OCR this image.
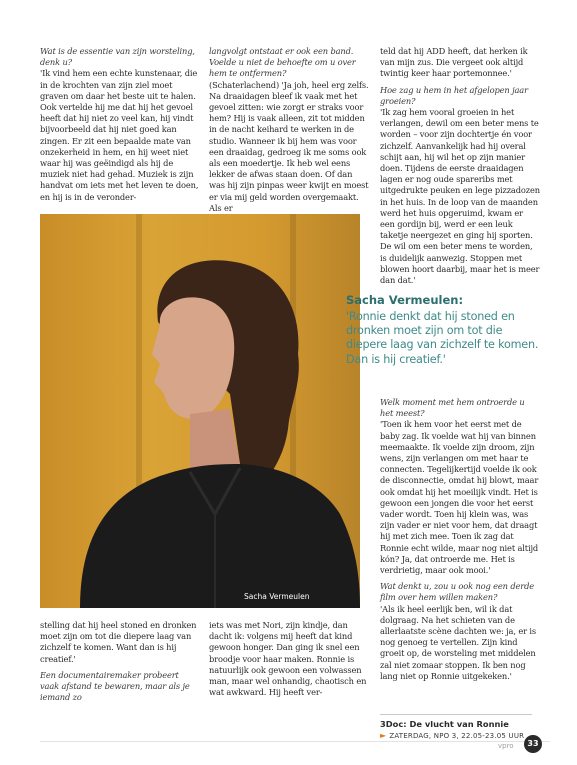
Wat is de essentie van zijn worsteling, denk u?

'Ik vind hem een echte kunstenaar, die in de krochten van zijn ziel moet graven om daar het beste uit te halen. Ook vertelde hij me dat hij het gevoel heeft dat hij niet zo veel kan, hij vindt bijvoorbeeld dat hij niet goed kan zingen. Er zit een bepaalde mate van onzekerheid in hem, en hij weet niet waar hij was geëindigd als hij de muziek niet had gehad. Muziek is zijn handvat om iets met het leven te doen, en hij is in de veronder-

langvolgt ontstaat er ook een band. Voelde u niet de behoefte om u over hem te ontfermen?

(Schaterlachend) 'Ja joh, heel erg zelfs. Na draaidagen bleef ik vaak met het gevoel zitten: wie zorgt er straks voor hem? Hij is vaak alleen, zit tot midden in de nacht keihard te werken in de studio. Wanneer ik bij hem was voor een draaidag, gedroeg ik me soms ook als een moedertje. Ik heb wel eens lekker de afwas staan doen. Of dan was hij zijn pinpas weer kwijt en moest er via mij geld worden overgemaakt. Als er

teld dat hij ADD heeft, dat herken ik van mijn zus. Die vergeet ook altijd twintig keer haar portemonnee.'

Hoe zag u hem in het afgelopen jaar groeien?

'Ik zag hem vooral groeien in het verlangen, dewil om een beter mens te worden – voor zijn dochtertje én voor zichzelf. Aanvankelijk had hij overal schijt aan, hij wil het op zijn manier doen. Tijdens de eerste draaidagen lagen er nog oude spareribs met uitgedrukte peuken en lege pizzadozen in het huis. In de loop van de maanden werd het huis opgeruimd, kwam er een gordijn bij, werd er een leuk taketje neergezet en ging hij sporten. De wil om een beter mens te worden, is duidelijk aanwezig. Stoppen met blowen hoort daarbij, maar het is meer dan dat.'

Sacha Vermeulen
Sacha Vermeulen:
'Ronnie denkt dat hij stoned en dronken moet zijn om tot die diepere laag van zichzelf te komen. Dan is hij creatief.'

Welk moment met hem ontroerde u het meest?

'Toen ik hem voor het eerst met de baby zag. Ik voelde wat hij van binnen meemaakte. Ik voelde zijn droom, zijn wens, zijn verlangen om met haar te connecten. Tegelijkertijd voelde ik ook de disconnectie, omdat hij blowt, maar ook omdat hij het moeilijk vindt. Het is gewoon een jongen die voor het eerst vader wordt. Toen hij klein was, was zijn vader er niet voor hem, dat draagt hij met zich mee. Toen ik zag dat Ronnie echt wilde, maar nog niet altijd kón? Ja, dat ontroerde me. Het is verdrietig, maar ook mooi.'

Wat denkt u, zou u ook nog een derde film over hem willen maken?

'Als ik heel eerlijk ben, wil ik dat dolgraag. Na het schieten van de allerlaatste scène dachten we: ja, er is nog genoeg te vertellen. Zijn kind groeit op, de worsteling met middelen zal niet zomaar stoppen. Ik ben nog lang niet op Ronnie uitgekeken.'

stelling dat hij heel stoned en dronken moet zijn om tot die diepere laag van zichzelf te komen. Want dan is hij creatief.'

Een documentairemaker probeert vaak afstand te bewaren, maar als je iemand zo

iets was met Nori, zijn kindje, dan dacht ik: volgens mij heeft dat kind gewoon honger. Dan ging ik snel een broodje voor haar maken. Ronnie is natuurlijk ook gewoon een volwassen man, maar wel onhandig, chaotisch en wat awkward. Hij heeft ver-

3Doc: De vlucht van Ronnie
► ZATERDAG, NPO 3, 22.05-23.05 UUR
vpro	33
